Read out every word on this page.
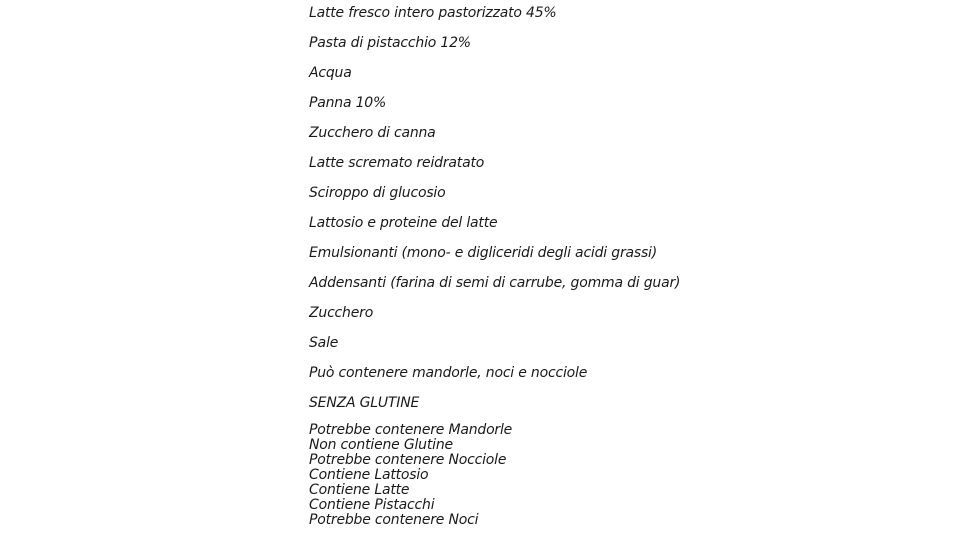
Latte fresco intero pastorizzato 45%
Pasta di pistacchio 12%
Acqua
Panna 10%
Zucchero di canna
Latte scremato reidratato
Sciroppo di glucosio
Lattosio e proteine del latte
Emulsionanti (mono- e digliceridi degli acidi grassi)
Addensanti (farina di semi di carrube, gomma di guar)
Zucchero
Sale
Può contenere mandorle, noci e nocciole
SENZA GLUTINE
Potrebbe contenere Mandorle
Non contiene Glutine
Potrebbe contenere Nocciole
Contiene Lattosio
Contiene Latte
Contiene Pistacchi
Potrebbe contenere Noci
